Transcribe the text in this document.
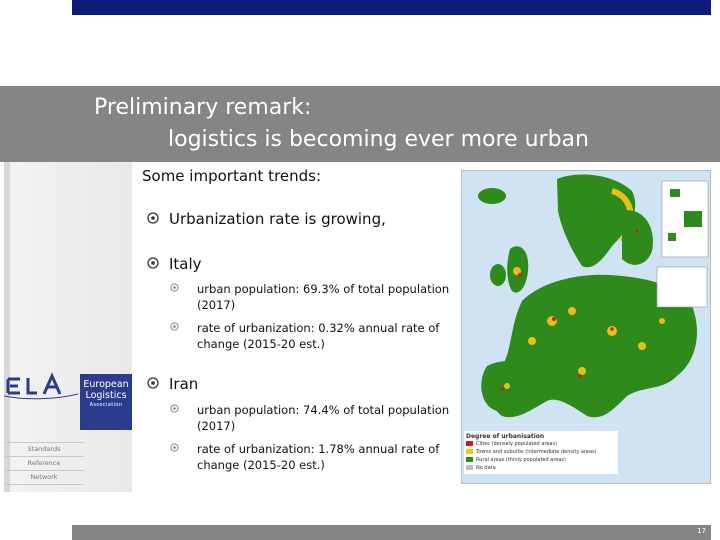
Preliminary remark:
logistics is becoming ever more urban
European
Logistics
Association
Standards
Reference
Network
Some important trends:
Urbanization rate is growing,
Italy
urban population: 69.3% of total population (2017)
rate of urbanization: 0.32% annual rate of change (2015-20 est.)
Iran
urban population: 74.4% of total population (2017)
rate of urbanization: 1.78% annual rate of change (2015-20 est.)
Degree of urbanisation
Cities (densely populated areas)
Towns and suburbs (intermediate density areas)
Rural areas (thinly populated areas)
No data
17
